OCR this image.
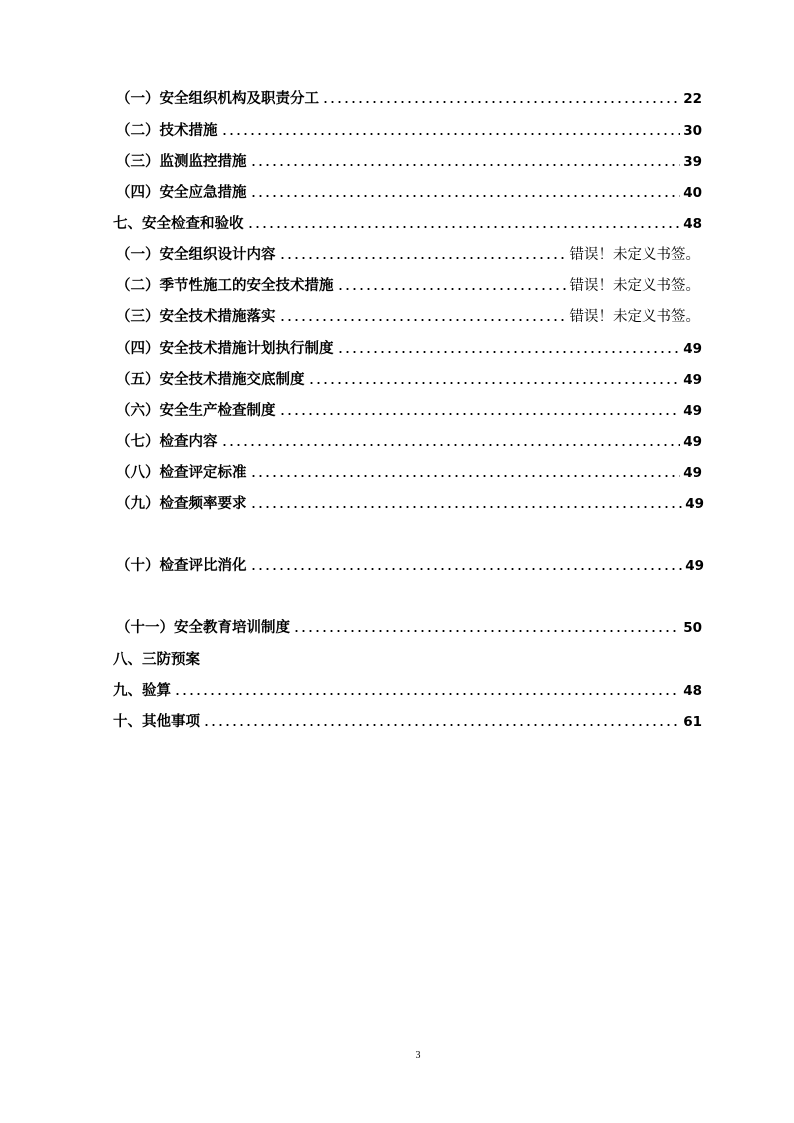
（一）安全组织机构及职责分工	22
（二）技术措施	30
（三）监测监控措施	39
（四）安全应急措施	40
七、安全检查和验收	48
（一）安全组织设计内容	错误！未定义书签。
（二）季节性施工的安全技术措施	错误！未定义书签。
（三）安全技术措施落实	错误！未定义书签。
（四）安全技术措施计划执行制度	49
（五）安全技术措施交底制度	49
（六）安全生产检查制度	49
（七）检查内容	49
（八）检查评定标准	49
（九）检查频率要求	49
（十）检查评比消化	49
（十一）安全教育培训制度	50
八、三防预案
九、验算	48
十、其他事项	61
3
